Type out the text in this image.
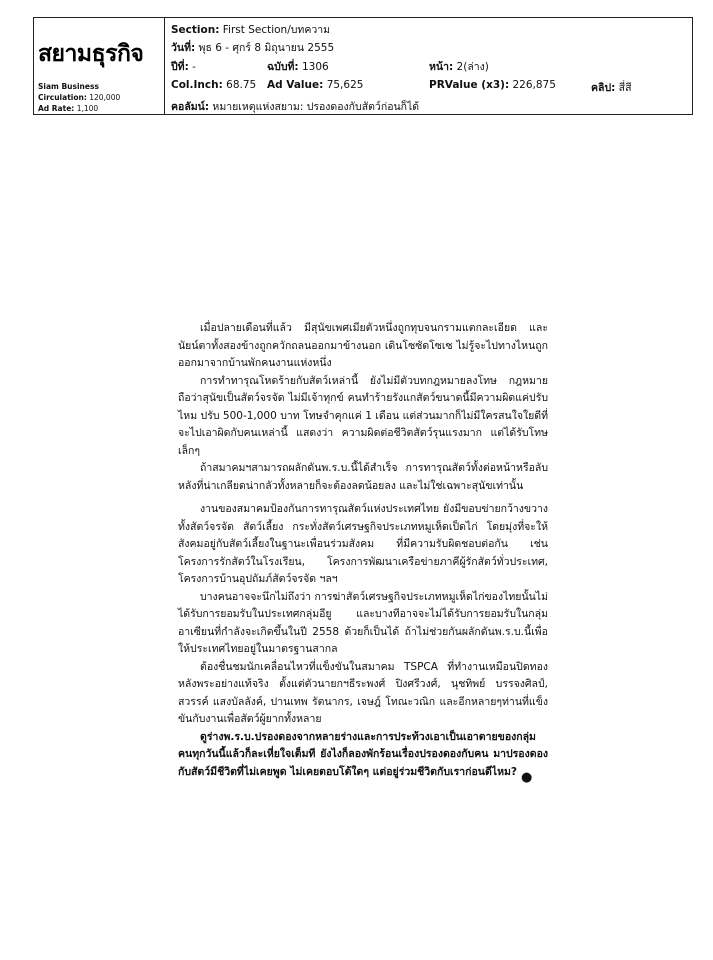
สยามธุรกิจ
Siam Business
Circulation: 120,000
Ad Rate: 1,100
Section: First Section/บทความ
วันที่: พุธ 6 - ศุกร์ 8 มิถุนายน 2555
ปีที่: -	ฉบับที่: 1306	หน้า: 2(ล่าง)
Col.Inch: 68.75 Ad Value: 75,625	PRValue (x3): 226,875	คลิป: สี่สี
คอลัมน์: หมายเหตุแห่งสยาม: ปรองดองกับสัตว์ก่อนก็ได้

เมื่อปลายเดือนที่แล้ว มีสุนัขเพศเมียตัวหนึ่งถูกทุบจนกรามแตกละเอียด และนัยน์ตาทั้งสองข้างถูกควักถลนออกมาข้างนอก เดินโซซัดโซเซ ไม่รู้จะไปทางไหนถูก ออกมาจากบ้านพักคนงานแห่งหนึ่ง

การทำทารุณโหดร้ายกับสัตว์เหล่านี้ ยังไม่มีตัวบทกฎหมายลงโทษ กฎหมายถือว่าสุนัขเป็นสัตว์จรจัด ไม่มีเจ้าทุกข์ คนทำร้ายรังแกสัตว์ขนาดนี้มีความผิดแค่ปรับไหม ปรับ 500-1,000 บาท โทษจำคุกแค่ 1 เดือน แต่ส่วนมากก็ไม่มีใครสนใจใยดีที่จะไปเอาผิดกับคนเหล่านี้ แสดงว่า ความผิดต่อชีวิตสัตว์รุนแรงมาก แต่ได้รับโทษเล็กๆ

ถ้าสมาคมฯสามารถผลักดันพ.ร.บ.นี้ได้สำเร็จ การทารุณสัตว์ทั้งต่อหน้าหรือลับหลังที่น่าเกลียดน่ากลัวทั้งหลายก็จะต้องลดน้อยลง และไม่ใช่เฉพาะสุนัขเท่านั้น

งานของสมาคมป้องกันการทารุณสัตว์แห่งประเทศไทย ยังมีขอบข่ายกว้างขวางทั้งสัตว์จรจัด สัตว์เลี้ยง กระทั่งสัตว์เศรษฐกิจประเภทหมูเห็ดเป็ดไก่ โดยมุ่งที่จะให้สังคมอยู่กับสัตว์เลี้ยงในฐานะเพื่อนร่วมสังคม ที่มีความรับผิดชอบต่อกัน เช่น โครงการรักสัตว์ในโรงเรียน, โครงการพัฒนาเครือข่ายภาคีผู้รักสัตว์ทั่วประเทศ, โครงการบ้านอุปถัมภ์สัตว์จรจัด ฯลฯ

บางคนอาจจะนึกไม่ถึงว่า การฆ่าสัตว์เศรษฐกิจประเภทหมูเห็ดไก่ของไทยนั้นไม่ได้รับการยอมรับในประเทศกลุ่มอียู และบางทีอาจจะไม่ได้รับการยอมรับในกลุ่มอาเซียนที่กำลังจะเกิดขึ้นในปี 2558 ด้วยก็เป็นได้ ถ้าไม่ช่วยกันผลักดันพ.ร.บ.นี้เพื่อให้ประเทศไทยอยู่ในมาตรฐานสากล

ต้องชื่นชมนักเคลื่อนไหวที่แข็งขันในสมาคม TSPCA ที่ทำงานเหมือนปิดทองหลังพระอย่างแท้จริง ตั้งแต่ตัวนายกฯธีระพงศ์ ปิงศรีวงศ์, นุชทิพย์ บรรจงศิลป์, สวรรค์ แสงบัลลังค์, ปานเทพ รัตนากร, เจษฎ์ โทณะวณิก และอีกหลายๆท่านที่แข็งขันกับงานเพื่อสัตว์ผู้ยากทั้งหลาย

ดูร่างพ.ร.บ.ปรองดองจากหลายร่างและการประท้วงเอาเป็นเอาตายของกลุ่มคนทุกวันนี้แล้วก็ละเหี่ยใจเต็มที ยังไงก็ลองพักร้อนเรื่องปรองดองกับคน มาปรองดองกับสัตว์มีชีวิตที่ไม่เคยพูด ไม่เคยตอบโต้ใดๆ แต่อยู่ร่วมชีวิตกับเราก่อนดีไหม? ●​
